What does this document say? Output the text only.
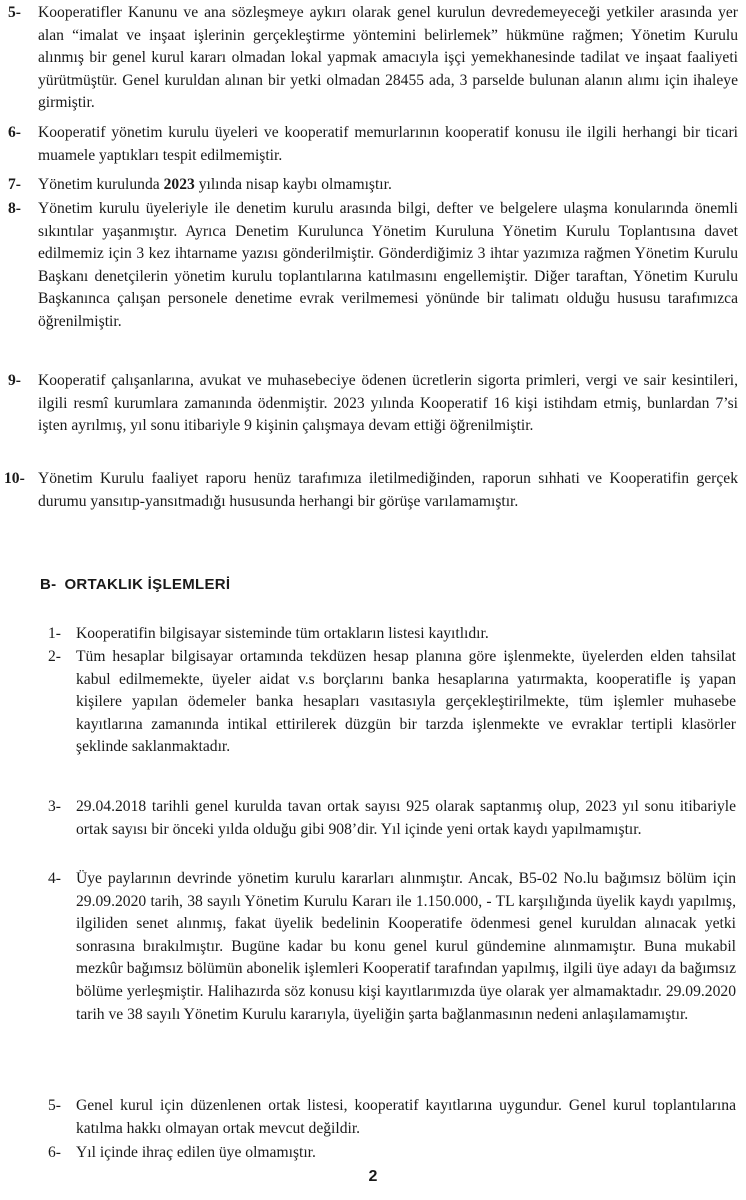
5- Kooperatifler Kanunu ve ana sözleşmeye aykırı olarak genel kurulun devredemeyeceği yetkiler arasında yer alan “imalat ve inşaat işlerinin gerçekleştirme yöntemini belirlemek” hükmüne rağmen; Yönetim Kurulu alınmış bir genel kurul kararı olmadan lokal yapmak amacıyla işçi yemekhanesinde tadilat ve inşaat faaliyeti yürütmüştür. Genel kuruldan alınan bir yetki olmadan 28455 ada, 3 parselde bulunan alanın alımı için ihaleye girmiştir.

6- Kooperatif yönetim kurulu üyeleri ve kooperatif memurlarının kooperatif konusu ile ilgili herhangi bir ticari muamele yaptıkları tespit edilmemiştir.

7- Yönetim kurulunda 2023 yılında nisap kaybı olmamıştır.

8- Yönetim kurulu üyeleriyle ile denetim kurulu arasında bilgi, defter ve belgelere ulaşma konularında önemli sıkıntılar yaşanmıştır. Ayrıca Denetim Kurulunca Yönetim Kuruluna Yönetim Kurulu Toplantısına davet edilmemiz için 3 kez ihtarname yazısı gönderilmiştir. Gönderdiğimiz 3 ihtar yazımıza rağmen Yönetim Kurulu Başkanı denetçilerin yönetim kurulu toplantılarına katılmasını engellemiştir. Diğer taraftan, Yönetim Kurulu Başkanınca çalışan personele denetime evrak verilmemesi yönünde bir talimatı olduğu hususu tarafımızca öğrenilmiştir.

9- Kooperatif çalışanlarına, avukat ve muhasebeciye ödenen ücretlerin sigorta primleri, vergi ve sair kesintileri, ilgili resmî kurumlara zamanında ödenmiştir. 2023 yılında Kooperatif 16 kişi istihdam etmiş, bunlardan 7’si işten ayrılmış, yıl sonu itibariyle 9 kişinin çalışmaya devam ettiği öğrenilmiştir.

10- Yönetim Kurulu faaliyet raporu henüz tarafımıza iletilmediğinden, raporun sıhhati ve Kooperatifin gerçek durumu yansıtıp-yansıtmadığı hususunda herhangi bir görüşe varılamamıştır.

B- ORTAKLIK İŞLEMLERİ

1- Kooperatifin bilgisayar sisteminde tüm ortakların listesi kayıtlıdır.

2- Tüm hesaplar bilgisayar ortamında tekdüzen hesap planına göre işlenmekte, üyelerden elden tahsilat kabul edilmemekte, üyeler aidat v.s borçlarını banka hesaplarına yatırmakta, kooperatifle iş yapan kişilere yapılan ödemeler banka hesapları vasıtasıyla gerçekleştirilmekte, tüm işlemler muhasebe kayıtlarına zamanında intikal ettirilerek düzgün bir tarzda işlenmekte ve evraklar tertipli klasörler şeklinde saklanmaktadır.

3- 29.04.2018 tarihli genel kurulda tavan ortak sayısı 925 olarak saptanmış olup, 2023 yıl sonu itibariyle ortak sayısı bir önceki yılda olduğu gibi 908’dir. Yıl içinde yeni ortak kaydı yapılmamıştır.

4- Üye paylarının devrinde yönetim kurulu kararları alınmıştır. Ancak, B5-02 No.lu bağımsız bölüm için 29.09.2020 tarih, 38 sayılı Yönetim Kurulu Kararı ile 1.150.000, - TL karşılığında üyelik kaydı yapılmış, ilgiliden senet alınmış, fakat üyelik bedelinin Kooperatife ödenmesi genel kuruldan alınacak yetki sonrasına bırakılmıştır. Bugüne kadar bu konu genel kurul gündemine alınmamıştır. Buna mukabil mezkûr bağımsız bölümün abonelik işlemleri Kooperatif tarafından yapılmış, ilgili üye adayı da bağımsız bölüme yerleşmiştir. Halihazırda söz konusu kişi kayıtlarımızda üye olarak yer almamaktadır. 29.09.2020 tarih ve 38 sayılı Yönetim Kurulu kararıyla, üyeliğin şarta bağlanmasının nedeni anlaşılamamıştır.

5- Genel kurul için düzenlenen ortak listesi, kooperatif kayıtlarına uygundur. Genel kurul toplantılarına katılma hakkı olmayan ortak mevcut değildir.

6- Yıl içinde ihraç edilen üye olmamıştır.

2
